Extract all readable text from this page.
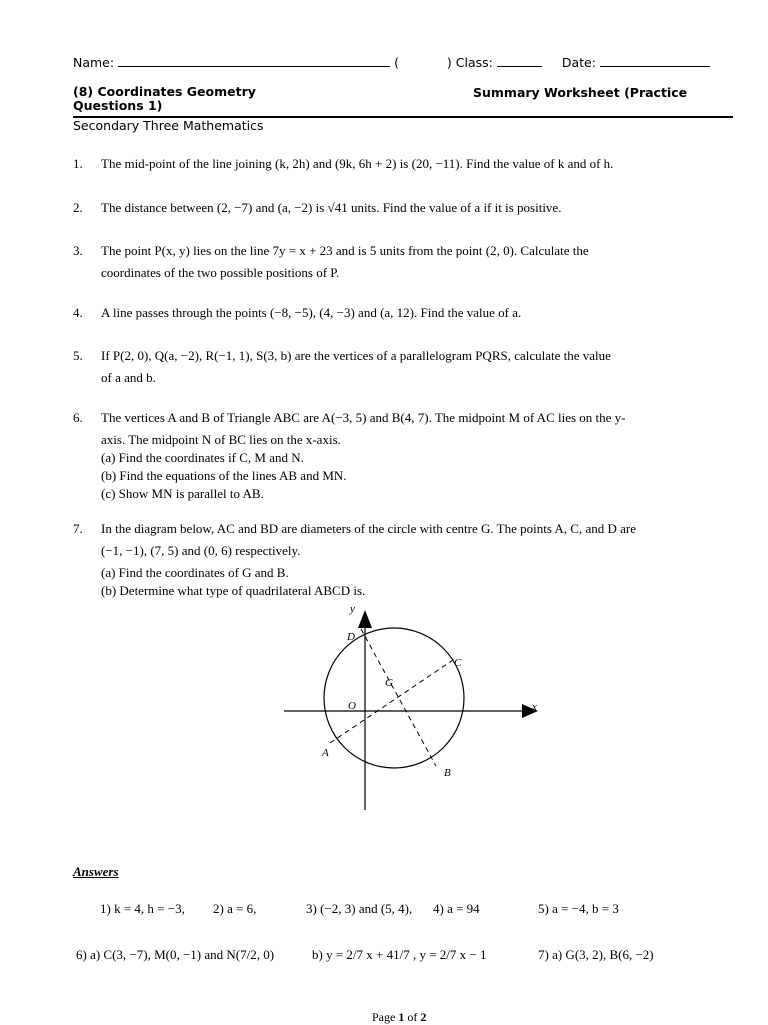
Name:	(	) Class:	Date:
(8) Coordinates Geometry
Questions 1)
Summary Worksheet (Practice
Secondary Three Mathematics
1. The mid-point of the line joining (k, 2h) and (9k, 6h + 2) is (20, −11). Find the value of k and of h.
2. The distance between (2, −7) and (a, −2) is √41 units. Find the value of a if it is positive.
3. The point P(x, y) lies on the line 7y = x + 23 and is 5 units from the point (2, 0). Calculate the
coordinates of the two possible positions of P.
4. A line passes through the points (−8, −5), (4, −3) and (a, 12). Find the value of a.
5. If P(2, 0), Q(a, −2), R(−1, 1), S(3, b) are the vertices of a parallelogram PQRS, calculate the value
of a and b.
6. The vertices A and B of Triangle ABC are A(−3, 5) and B(4, 7). The midpoint M of AC lies on the y-
axis. The midpoint N of BC lies on the x-axis.
(a) Find the coordinates if C, M and N.
(b) Find the equations of the lines AB and MN.
(c) Show MN is parallel to AB.
7. In the diagram below, AC and BD are diameters of the circle with centre G. The points A, C, and D are
(−1, −1), (7, 5) and (0, 6) respectively.
(a) Find the coordinates of G and B.
(b) Determine what type of quadrilateral ABCD is.
y
x
O
G
A
B
C
D
Answers
1) k = 4, h = −3, 2) a = 6,	3) (−2, 3) and (5, 4), 4) a = 94	5) a = −4, b = 3
6) a) C(3, −7), M(0, −1) and N(7/2, 0)	b) y = 2/7 x + 41/7 , y = 2/7 x − 1	7) a) G(3, 2), B(6, −2)
Page 1 of 2
